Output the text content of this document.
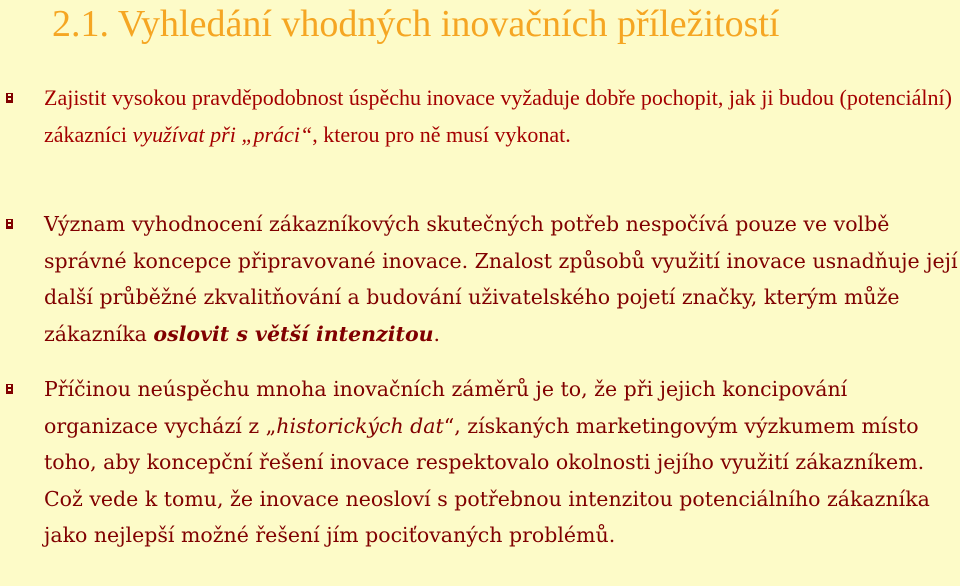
2.1. Vyhledání vhodných inovačních příležitostí
Zajistit vysokou pravděpodobnost úspěchu inovace vyžaduje dobře pochopit, jak ji budou (potenciální) zákazníci využívat při „práci“, kterou pro ně musí vykonat.
Význam vyhodnocení zákazníkových skutečných potřeb nespočívá pouze ve volbě správné koncepce připravované inovace. Znalost způsobů využití inovace usnadňuje její další průběžné zkvalitňování a budování uživatelského pojetí značky, kterým může zákazníka oslovit s větší intenzitou.
Příčinou neúspěchu mnoha inovačních záměrů je to, že při jejich koncipování organizace vychází z „historických dat“, získaných marketingovým výzkumem místo toho, aby koncepční řešení inovace respektovalo okolnosti jejího využití zákazníkem. Což vede k tomu, že inovace neosloví s potřebnou intenzitou potenciálního zákazníka jako nejlepší možné řešení jím pociťovaných problémů.
